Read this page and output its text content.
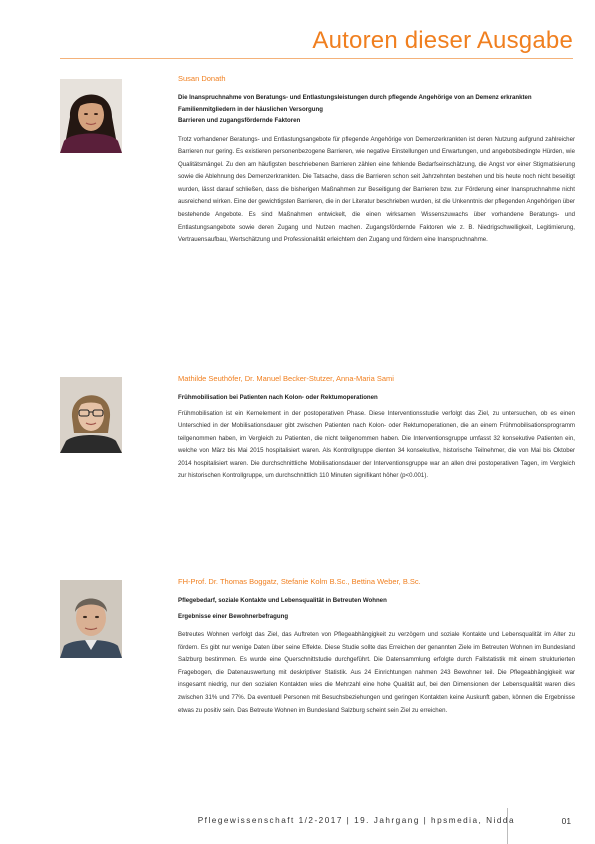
Autoren dieser Ausgabe

Susan Donath

Die Inanspruchnahme von Beratungs- und Entlastungsleistungen durch pflegende Angehörige von an Demenz erkrankten Familienmitgliedern in der häuslichen Versorgung

Barrieren und zugangsfördernde Faktoren

Trotz vorhandener Beratungs- und Entlastungsangebote für pflegende Angehörige von Demenzerkrankten ist deren Nutzung aufgrund zahlreicher Barrieren nur gering. Es existieren personenbezogene Barrieren, wie negative Einstellungen und Erwartungen, und angebotsbedingte Hürden, wie Qualitätsmängel. Zu den am häufigsten beschriebenen Barrieren zählen eine fehlende Bedarfseinschätzung, die Angst vor einer Stigmatisierung sowie die Ablehnung des Demenzerkrankten. Die Tatsache, dass die Barrieren schon seit Jahrzehnten bestehen und bis heute noch nicht beseitigt wurden, lässt darauf schließen, dass die bisherigen Maßnahmen zur Beseitigung der Barrieren bzw. zur Förderung einer Inanspruchnahme nicht ausreichend wirken. Eine der gewichtigsten Barrieren, die in der Literatur beschrieben wurden, ist die Unkenntnis der pflegenden Angehörigen über bestehende Angebote. Es sind Maßnahmen entwickelt, die einen wirksamen Wissenszuwachs über vorhandene Beratungs- und Entlastungsangebote sowie deren Zugang und Nutzen machen. Zugangsfördernde Faktoren wie z. B. Niedrigschwelligkeit, Legitimierung, Vertrauensaufbau, Wertschätzung und Professionalität erleichtern den Zugang und fördern eine Inanspruchnahme.

Mathilde Seuthöfer, Dr. Manuel Becker-Stutzer, Anna-Maria Sami

Frühmobilisation bei Patienten nach Kolon- oder Rektumoperationen

Frühmobilisation ist ein Kernelement in der postoperativen Phase. Diese Interventionsstudie verfolgt das Ziel, zu untersuchen, ob es einen Unterschied in der Mobilisationsdauer gibt zwischen Patienten nach Kolon- oder Rektumoperationen, die an einem Frühmobilisationsprogramm teilgenommen haben, im Vergleich zu Patienten, die nicht teilgenommen haben. Die Interventionsgruppe umfasst 32 konsekutive Patienten ein, welche von März bis Mai 2015 hospitalisiert waren. Als Kontrollgruppe dienten 34 konsekutive, historische Teilnehmer, die von Mai bis Oktober 2014 hospitalisiert waren. Die durchschnittliche Mobilisationsdauer der Interventionsgruppe war an allen drei postoperativen Tagen, im Vergleich zur historischen Kontrollgruppe, um durchschnittlich 110 Minuten signifikant höher (p<0.001).

FH-Prof. Dr. Thomas Boggatz, Stefanie Kolm B.Sc., Bettina Weber, B.Sc.

Pflegebedarf, soziale Kontakte und Lebensqualität in Betreuten Wohnen

Ergebnisse einer Bewohnerbefragung

Betreutes Wohnen verfolgt das Ziel, das Auftreten von Pflegeabhängigkeit zu verzögern und soziale Kontakte und Lebensqualität im Alter zu fördern. Es gibt nur wenige Daten über seine Effekte. Diese Studie sollte das Erreichen der genannten Ziele im Betreuten Wohnen im Bundesland Salzburg bestimmen. Es wurde eine Querschnittstudie durchgeführt. Die Datensammlung erfolgte durch Fallstatistik mit einem strukturierten Fragebogen, die Datenauswertung mit deskriptiver Statistik. Aus 24 Einrichtungen nahmen 243 Bewohner teil. Die Pflegeabhängigkeit war insgesamt niedrig, nur den sozialen Kontakten wies die Mehrzahl eine hohe Qualität auf, bei den Dimensionen der Lebensqualität waren dies zwischen 31% und 77%. Da eventuell Personen mit Besuchsbeziehungen und geringen Kontakten keine Auskunft gaben, können die Ergebnisse etwas zu positiv sein. Das Betreute Wohnen im Bundesland Salzburg scheint sein Ziel zu erreichen.

Pflegewissenschaft 1/2-2017 | 19. Jahrgang | hpsmedia, Nidda	01
